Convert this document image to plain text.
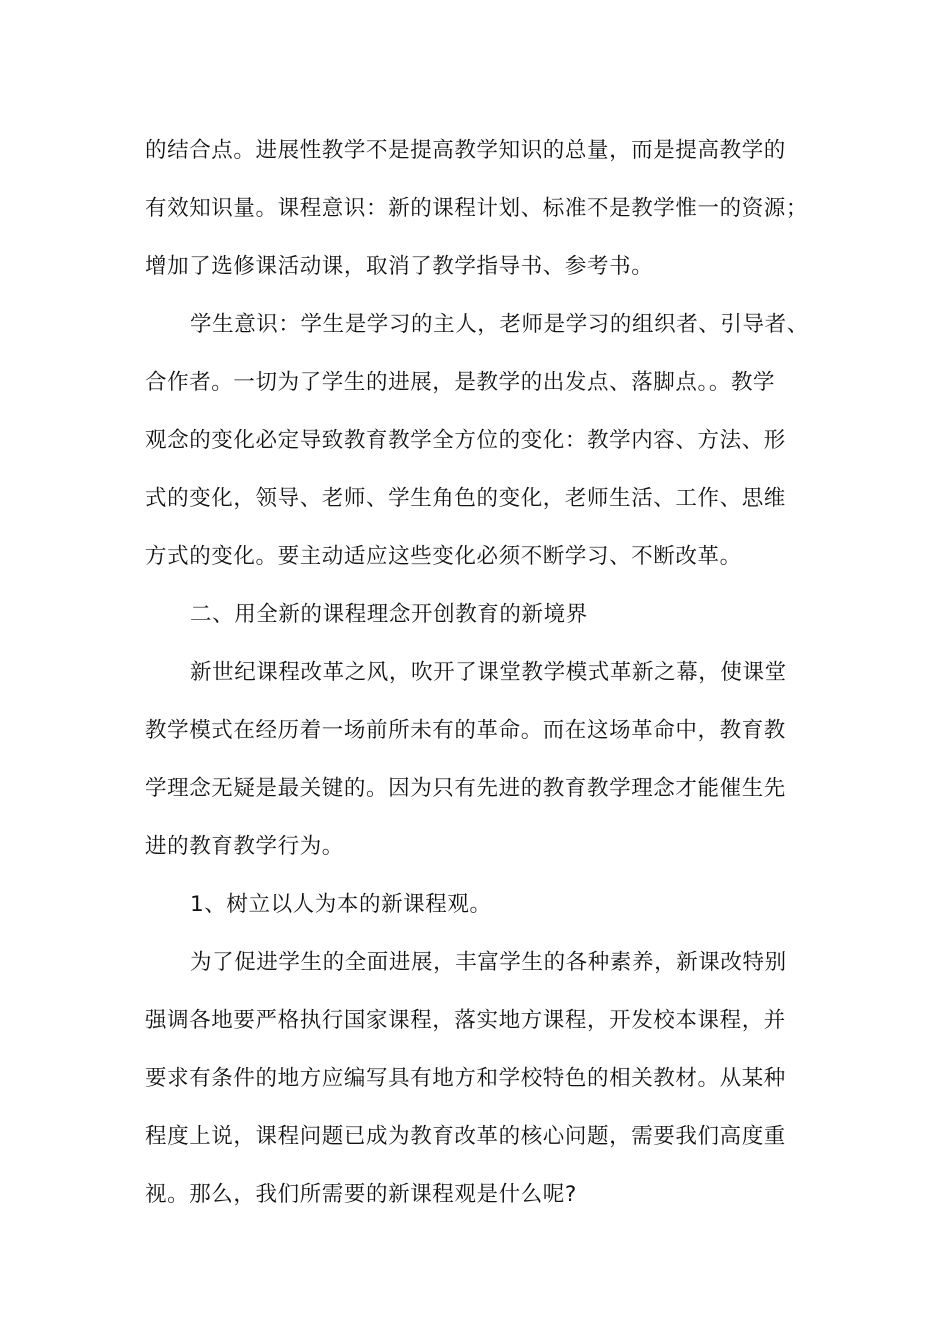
的结合点。进展性教学不是提高教学知识的总量，而是提高教学的
有效知识量。课程意识：新的课程计划、标准不是教学惟一的资源；
增加了选修课活动课，取消了教学指导书、参考书。
学生意识：学生是学习的主人，老师是学习的组织者、引导者、
合作者。一切为了学生的进展，是教学的出发点、落脚点。。教学
观念的变化必定导致教育教学全方位的变化：教学内容、方法、形
式的变化，领导、老师、学生角色的变化，老师生活、工作、思维
方式的变化。要主动适应这些变化必须不断学习、不断改革。
二、用全新的课程理念开创教育的新境界
新世纪课程改革之风，吹开了课堂教学模式革新之幕，使课堂
教学模式在经历着一场前所未有的革命。而在这场革命中，教育教
学理念无疑是最关键的。因为只有先进的教育教学理念才能催生先
进的教育教学行为。
1、树立以人为本的新课程观。
为了促进学生的全面进展，丰富学生的各种素养，新课改特别
强调各地要严格执行国家课程，落实地方课程，开发校本课程，并
要求有条件的地方应编写具有地方和学校特色的相关教材。从某种
程度上说，课程问题已成为教育改革的核心问题，需要我们高度重
视。那么，我们所需要的新课程观是什么呢?
